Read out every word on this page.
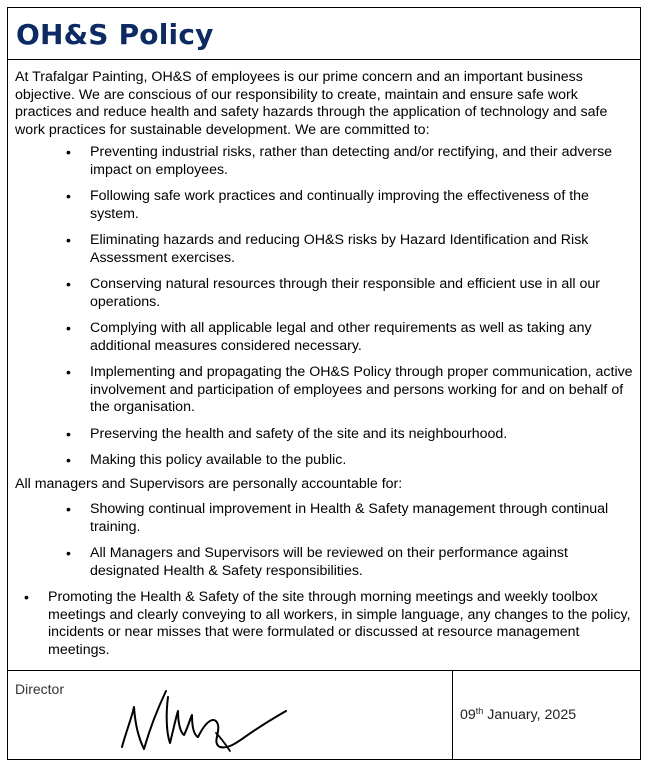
OH&S Policy

At Trafalgar Painting, OH&S of employees is our prime concern and an important business objective. We are conscious of our responsibility to create, maintain and ensure safe work practices and reduce health and safety hazards through the application of technology and safe work practices for sustainable development. We are committed to:

• Preventing industrial risks, rather than detecting and/or rectifying, and their adverse impact on employees.
• Following safe work practices and continually improving the effectiveness of the system.
• Eliminating hazards and reducing OH&S risks by Hazard Identification and Risk Assessment exercises.
• Conserving natural resources through their responsible and efficient use in all our operations.
• Complying with all applicable legal and other requirements as well as taking any additional measures considered necessary.
• Implementing and propagating the OH&S Policy through proper communication, active involvement and participation of employees and persons working for and on behalf of the organisation.
• Preserving the health and safety of the site and its neighbourhood.
• Making this policy available to the public.

All managers and Supervisors are personally accountable for:

• Showing continual improvement in Health & Safety management through continual training.
• All Managers and Supervisors will be reviewed on their performance against designated Health & Safety responsibilities.
• Promoting the Health & Safety of the site through morning meetings and weekly toolbox meetings and clearly conveying to all workers, in simple language, any changes to the policy, incidents or near misses that were formulated or discussed at resource management meetings.
Director
09th January, 2025
